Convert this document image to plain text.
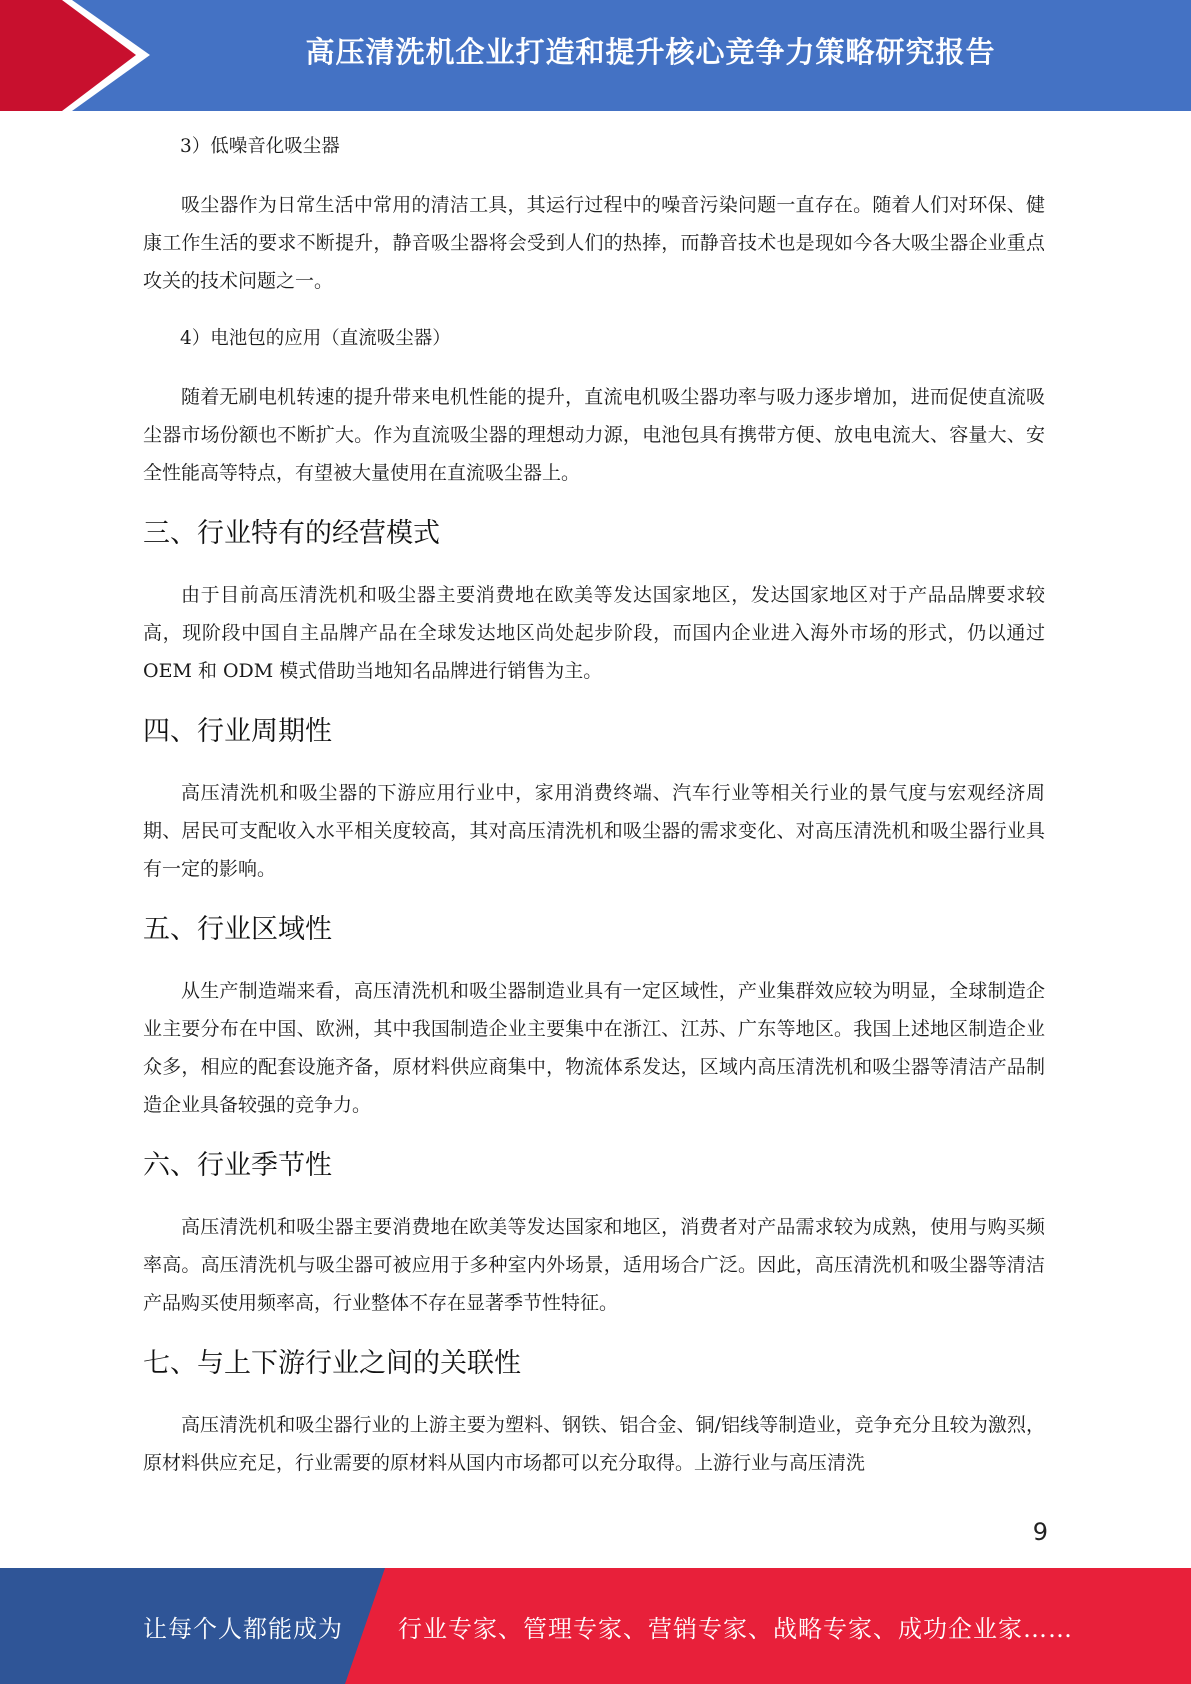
高压清洗机企业打造和提升核心竞争力策略研究报告

3）低噪音化吸尘器

吸尘器作为日常生活中常用的清洁工具，其运行过程中的噪音污染问题一直存在。随着人们对环保、健康工作生活的要求不断提升，静音吸尘器将会受到人们的热捧，而静音技术也是现如今各大吸尘器企业重点攻关的技术问题之一。

4）电池包的应用（直流吸尘器）

随着无刷电机转速的提升带来电机性能的提升，直流电机吸尘器功率与吸力逐步增加，进而促使直流吸尘器市场份额也不断扩大。作为直流吸尘器的理想动力源，电池包具有携带方便、放电电流大、容量大、安全性能高等特点，有望被大量使用在直流吸尘器上。

三、行业特有的经营模式

由于目前高压清洗机和吸尘器主要消费地在欧美等发达国家地区，发达国家地区对于产品品牌要求较高，现阶段中国自主品牌产品在全球发达地区尚处起步阶段，而国内企业进入海外市场的形式，仍以通过 OEM 和 ODM 模式借助当地知名品牌进行销售为主。

四、行业周期性

高压清洗机和吸尘器的下游应用行业中，家用消费终端、汽车行业等相关行业的景气度与宏观经济周期、居民可支配收入水平相关度较高，其对高压清洗机和吸尘器的需求变化、对高压清洗机和吸尘器行业具有一定的影响。

五、行业区域性

从生产制造端来看，高压清洗机和吸尘器制造业具有一定区域性，产业集群效应较为明显，全球制造企业主要分布在中国、欧洲，其中我国制造企业主要集中在浙江、江苏、广东等地区。我国上述地区制造企业众多，相应的配套设施齐备，原材料供应商集中，物流体系发达，区域内高压清洗机和吸尘器等清洁产品制造企业具备较强的竞争力。

六、行业季节性

高压清洗机和吸尘器主要消费地在欧美等发达国家和地区，消费者对产品需求较为成熟，使用与购买频率高。高压清洗机与吸尘器可被应用于多种室内外场景，适用场合广泛。因此，高压清洗机和吸尘器等清洁产品购买使用频率高，行业整体不存在显著季节性特征。

七、与上下游行业之间的关联性

高压清洗机和吸尘器行业的上游主要为塑料、钢铁、铝合金、铜/铝线等制造业，竞争充分且较为激烈，原材料供应充足，行业需要的原材料从国内市场都可以充分取得。上游行业与高压清洗

9
让每个人都能成为 行业专家、管理专家、营销专家、战略专家、成功企业家……
